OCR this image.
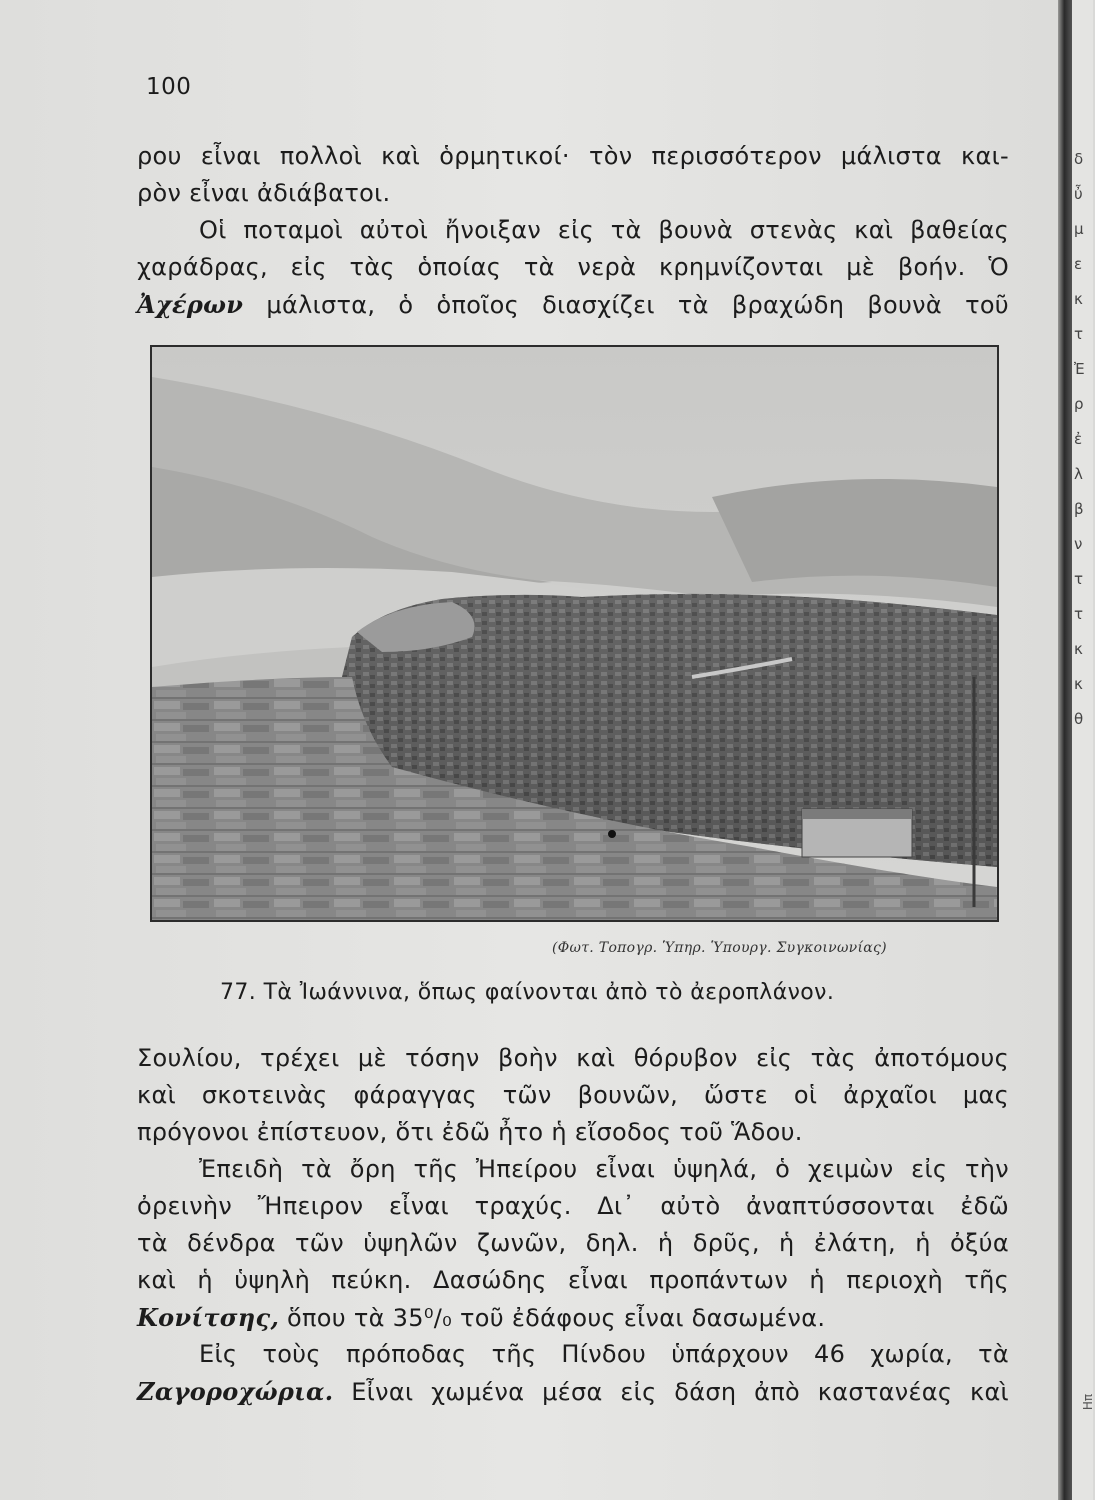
100
ρου εἶναι πολλοὶ καὶ ὁρμητικοί· τὸν περισσότερον μάλιστα και-
ρὸν εἶναι ἀδιάβατοι.
Οἱ ποταμοὶ αὐτοὶ ἤνοιξαν εἰς τὰ βουνὰ στενὰς καὶ βαθείας
χαράδρας, εἰς τὰς ὁποίας τὰ νερὰ κρημνίζονται μὲ βοήν. Ὁ
Ἀχέρων μάλιστα, ὁ ὁποῖος διασχίζει τὰ βραχώδη βουνὰ τοῦ
(Φωτ. Τοπογρ. Ὑπηρ. Ὑπουργ. Συγκοινωνίας)
77. Τὰ Ἰωάννινα, ὅπως φαίνονται ἀπὸ τὸ ἀεροπλάνον.
Σουλίου, τρέχει μὲ τόσην βοὴν καὶ θόρυβον εἰς τὰς ἀποτόμους
καὶ σκοτεινὰς φάραγγας τῶν βουνῶν, ὥστε οἱ ἀρχαῖοι μας
πρόγονοι ἐπίστευον, ὅτι ἐδῶ ἦτο ἡ εἴσοδος τοῦ Ἅδου.
Ἐπειδὴ τὰ ὄρη τῆς Ἠπείρου εἶναι ὑψηλά, ὁ χειμὼν εἰς τὴν
ὀρεινὴν Ἤπειρον εἶναι τραχύς. Δι᾽ αὐτὸ ἀναπτύσσονται ἐδῶ
τὰ δένδρα τῶν ὑψηλῶν ζωνῶν, δηλ. ἡ δρῦς, ἡ ἐλάτη, ἡ ὀξύα
καὶ ἡ ὑψηλὴ πεύκη. Δασώδης εἶναι προπάντων ἡ περιοχὴ τῆς
Κονίτσης, ὅπου τὰ 35⁰/₀ τοῦ ἐδάφους εἶναι δασωμένα.
Εἰς τοὺς πρόποδας τῆς Πίνδου ὑπάρχουν 46 χωρία, τὰ
Ζαγοροχώρια. Εἶναι χωμένα μέσα εἰς δάση ἀπὸ καστανέας καὶ
δ
ὖ
μ
ε
κ
τ
Ἐ
ρ
ἐ
λ
β
ν
τ
τ
κ
κ
θ
Ηπ
